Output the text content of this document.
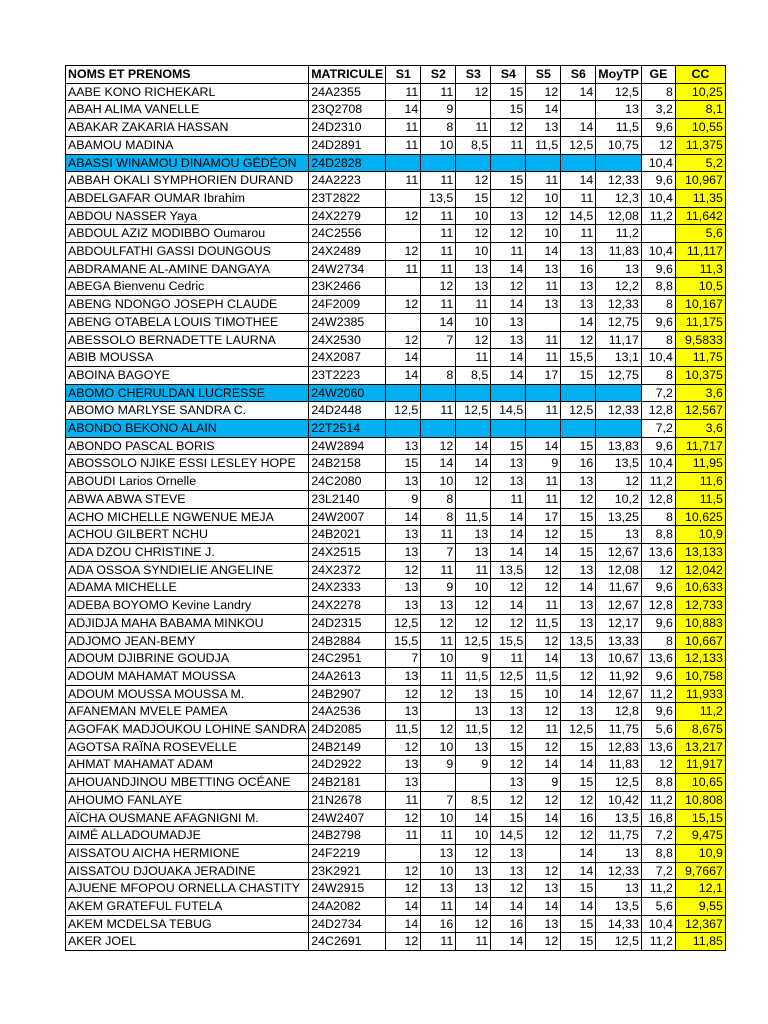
NOMS ET PRENOMS	MATRICULE	S1	S2	S3	S4	S5	S6	MoyTP	GE	CC
AABE KONO RICHEKARL	24A2355	11	11	12	15	12	14	12,5	8	10,25
ABAH ALIMA VANELLE	23Q2708	14	9		15	14		13	3,2	8,1
ABAKAR ZAKARIA HASSAN	24D2310	11	8	11	12	13	14	11,5	9,6	10,55
ABAMOU MADINA	24D2891	11	10	8,5	11	11,5	12,5	10,75	12	11,375
ABASSI WINAMOU DINAMOU GÉDÉON	24D2828								10,4	5,2
ABBAH OKALI SYMPHORIEN DURAND	24A2223	11	11	12	15	11	14	12,33	9,6	10,967
ABDELGAFAR OUMAR Ibrahim	23T2822		13,5	15	12	10	11	12,3	10,4	11,35
ABDOU NASSER Yaya	24X2279	12	11	10	13	12	14,5	12,08	11,2	11,642
ABDOUL AZIZ MODIBBO Oumarou	24C2556		11	12	12	10	11	11,2		5,6
ABDOULFATHI GASSI DOUNGOUS	24X2489	12	11	10	11	14	13	11,83	10,4	11,117
ABDRAMANE AL-AMINE DANGAYA	24W2734	11	11	13	14	13	16	13	9,6	11,3
ABEGA Bienvenu Cedric	23K2466		12	13	12	11	13	12,2	8,8	10,5
ABENG NDONGO JOSEPH CLAUDE	24F2009	12	11	11	14	13	13	12,33	8	10,167
ABENG OTABELA LOUIS TIMOTHEE	24W2385		14	10	13		14	12,75	9,6	11,175
ABESSOLO BERNADETTE LAURNA	24X2530	12	7	12	13	11	12	11,17	8	9,5833
ABIB MOUSSA	24X2087	14		11	14	11	15,5	13,1	10,4	11,75
ABOINA BAGOYE	23T2223	14	8	8,5	14	17	15	12,75	8	10,375
ABOMO CHERULDAN LUCRESSE	24W2060								7,2	3,6
ABOMO MARLYSE SANDRA C.	24D2448	12,5	11	12,5	14,5	11	12,5	12,33	12,8	12,567
ABONDO BEKONO ALAIN	22T2514								7,2	3,6
ABONDO PASCAL BORIS	24W2894	13	12	14	15	14	15	13,83	9,6	11,717
ABOSSOLO NJIKE ESSI LESLEY HOPE	24B2158	15	14	14	13	9	16	13,5	10,4	11,95
ABOUDI Larios Ornelle	24C2080	13	10	12	13	11	13	12	11,2	11,6
ABWA ABWA STEVE	23L2140	9	8		11	11	12	10,2	12,8	11,5
ACHO MICHELLE NGWENUE MEJA	24W2007	14	8	11,5	14	17	15	13,25	8	10,625
ACHOU GILBERT NCHU	24B2021	13	11	13	14	12	15	13	8,8	10,9
ADA DZOU CHRISTINE J.	24X2515	13	7	13	14	14	15	12,67	13,6	13,133
ADA OSSOA SYNDIELIE ANGELINE	24X2372	12	11	11	13,5	12	13	12,08	12	12,042
ADAMA MICHELLE	24X2333	13	9	10	12	12	14	11,67	9,6	10,633
ADEBA BOYOMO Kevine Landry	24X2278	13	13	12	14	11	13	12,67	12,8	12,733
ADJIDJA MAHA BABAMA MINKOU	24D2315	12,5	12	12	12	11,5	13	12,17	9,6	10,883
ADJOMO JEAN-BEMY	24B2884	15,5	11	12,5	15,5	12	13,5	13,33	8	10,667
ADOUM DJIBRINE GOUDJA	24C2951	7	10	9	11	14	13	10,67	13,6	12,133
ADOUM MAHAMAT MOUSSA	24A2613	13	11	11,5	12,5	11,5	12	11,92	9,6	10,758
ADOUM MOUSSA MOUSSA M.	24B2907	12	12	13	15	10	14	12,67	11,2	11,933
AFANEMAN MVELE PAMEA	24A2536	13		13	13	12	13	12,8	9,6	11,2
AGOFAK MADJOUKOU LOHINE SANDRA	24D2085	11,5	12	11,5	12	11	12,5	11,75	5,6	8,675
AGOTSA RAÏNA ROSEVELLE	24B2149	12	10	13	15	12	15	12,83	13,6	13,217
AHMAT MAHAMAT ADAM	24D2922	13	9	9	12	14	14	11,83	12	11,917
AHOUANDJINOU MBETTING OCÉANE	24B2181	13			13	9	15	12,5	8,8	10,65
AHOUMO FANLAYE	21N2678	11	7	8,5	12	12	12	10,42	11,2	10,808
AÏCHA OUSMANE AFAGNIGNI M.	24W2407	12	10	14	15	14	16	13,5	16,8	15,15
AIMÉ ALLADOUMADJE	24B2798	11	11	10	14,5	12	12	11,75	7,2	9,475
AISSATOU AICHA HERMIONE	24F2219		13	12	13		14	13	8,8	10,9
AISSATOU DJOUAKA JERADINE	23K2921	12	10	13	13	12	14	12,33	7,2	9,7667
AJUENE MFOPOU ORNELLA CHASTITY	24W2915	12	13	13	12	13	15	13	11,2	12,1
AKEM GRATEFUL FUTELA	24A2082	14	11	14	14	14	14	13,5	5,6	9,55
AKEM MCDELSA TEBUG	24D2734	14	16	12	16	13	15	14,33	10,4	12,367
AKER JOEL	24C2691	12	11	11	14	12	15	12,5	11,2	11,85
